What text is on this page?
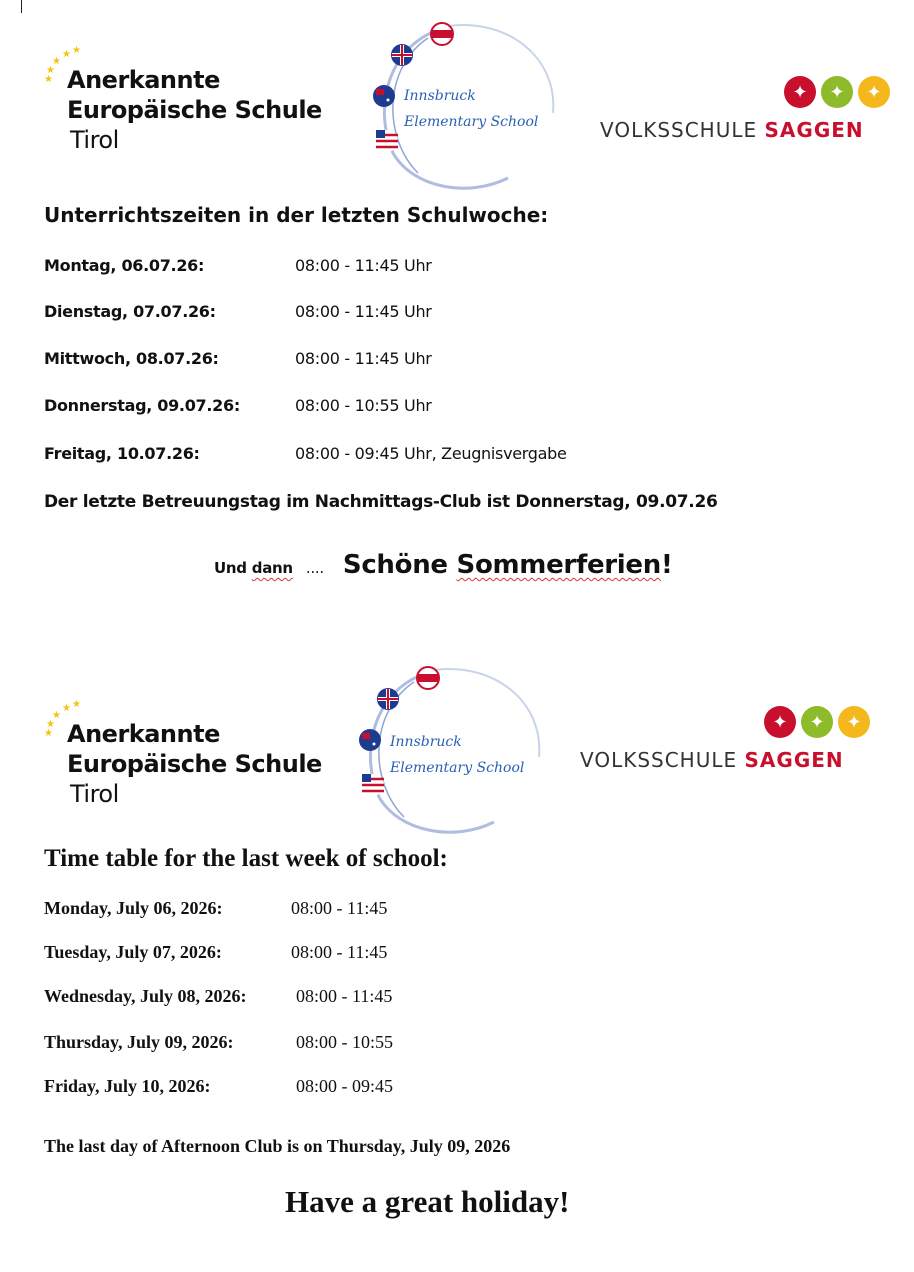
★
★
★
★
★ Anerkannte
Europäische Schule
Tirol
Innsbruck
Elementary School
✦	✦	✦
VOLKSSCHULE SAGGEN
Unterrichtszeiten in der letzten Schulwoche:
Montag, 06.07.26:	08:00 - 11:45 Uhr
Dienstag, 07.07.26:	08:00 - 11:45 Uhr
Mittwoch, 08.07.26:	08:00 - 11:45 Uhr
Donnerstag, 09.07.26:	08:00 - 10:55 Uhr
Freitag, 10.07.26:	08:00 - 09:45 Uhr, Zeugnisvergabe
Der letzte Betreuungstag im Nachmittags-Club ist Donnerstag, 09.07.26
Und dann .... Schöne Sommerferien!
★
★
★
★
★ Anerkannte
Europäische Schule
Tirol
Innsbruck
Elementary School
✦	✦	✦
VOLKSSCHULE SAGGEN
Time table for the last week of school:
Monday, July 06, 2026:	08:00 - 11:45
Tuesday, July 07, 2026:	08:00 - 11:45
Wednesday, July 08, 2026:	08:00 - 11:45
Thursday, July 09, 2026:	08:00 - 10:55
Friday, July 10, 2026:	08:00 - 09:45
The last day of Afternoon Club is on Thursday, July 09, 2026
Have a great holiday!
